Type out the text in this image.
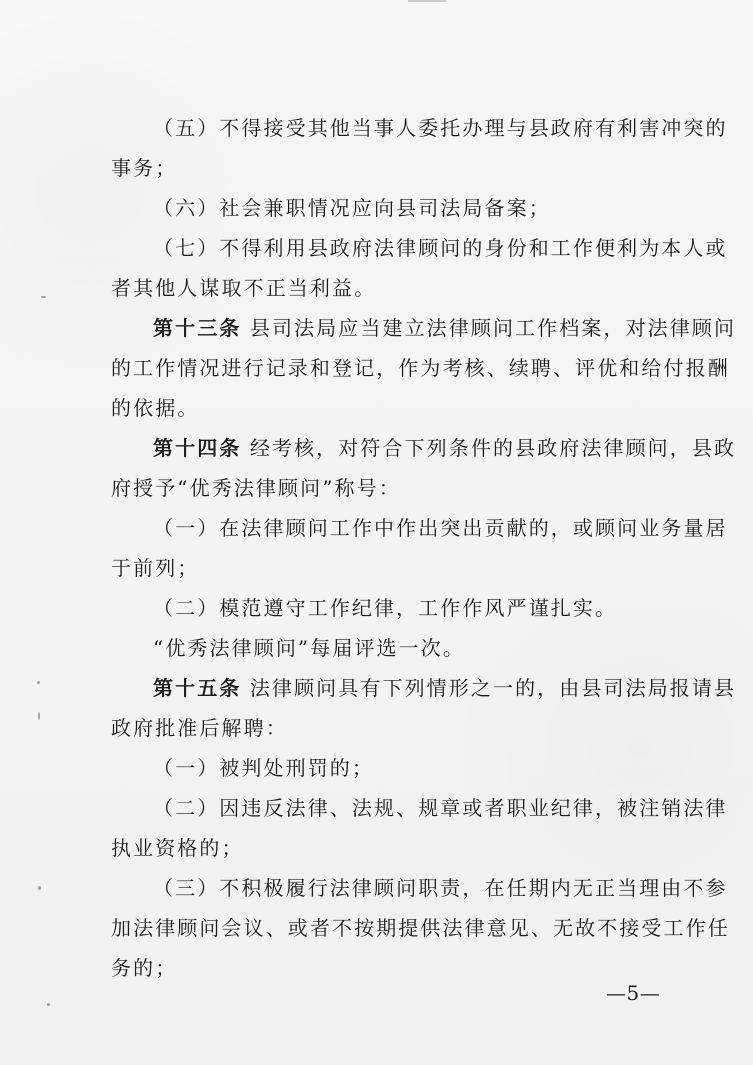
（五）不得接受其他当事人委托办理与县政府有利害冲突的
事务；
（六）社会兼职情况应向县司法局备案；
（七）不得利用县政府法律顾问的身份和工作便利为本人或
者其他人谋取不正当利益。
第十三条 县司法局应当建立法律顾问工作档案，对法律顾问
的工作情况进行记录和登记，作为考核、续聘、评优和给付报酬
的依据。
第十四条 经考核，对符合下列条件的县政府法律顾问，县政
府授予“优秀法律顾问”称号：
（一）在法律顾问工作中作出突出贡献的，或顾问业务量居
于前列；
（二）模范遵守工作纪律，工作作风严谨扎实。
“优秀法律顾问”每届评选一次。
第十五条 法律顾问具有下列情形之一的，由县司法局报请县
政府批准后解聘：
（一）被判处刑罚的；
（二）因违反法律、法规、规章或者职业纪律，被注销法律
执业资格的；
（三）不积极履行法律顾问职责，在任期内无正当理由不参
加法律顾问会议、或者不按期提供法律意见、无故不接受工作任
务的；
—5—
